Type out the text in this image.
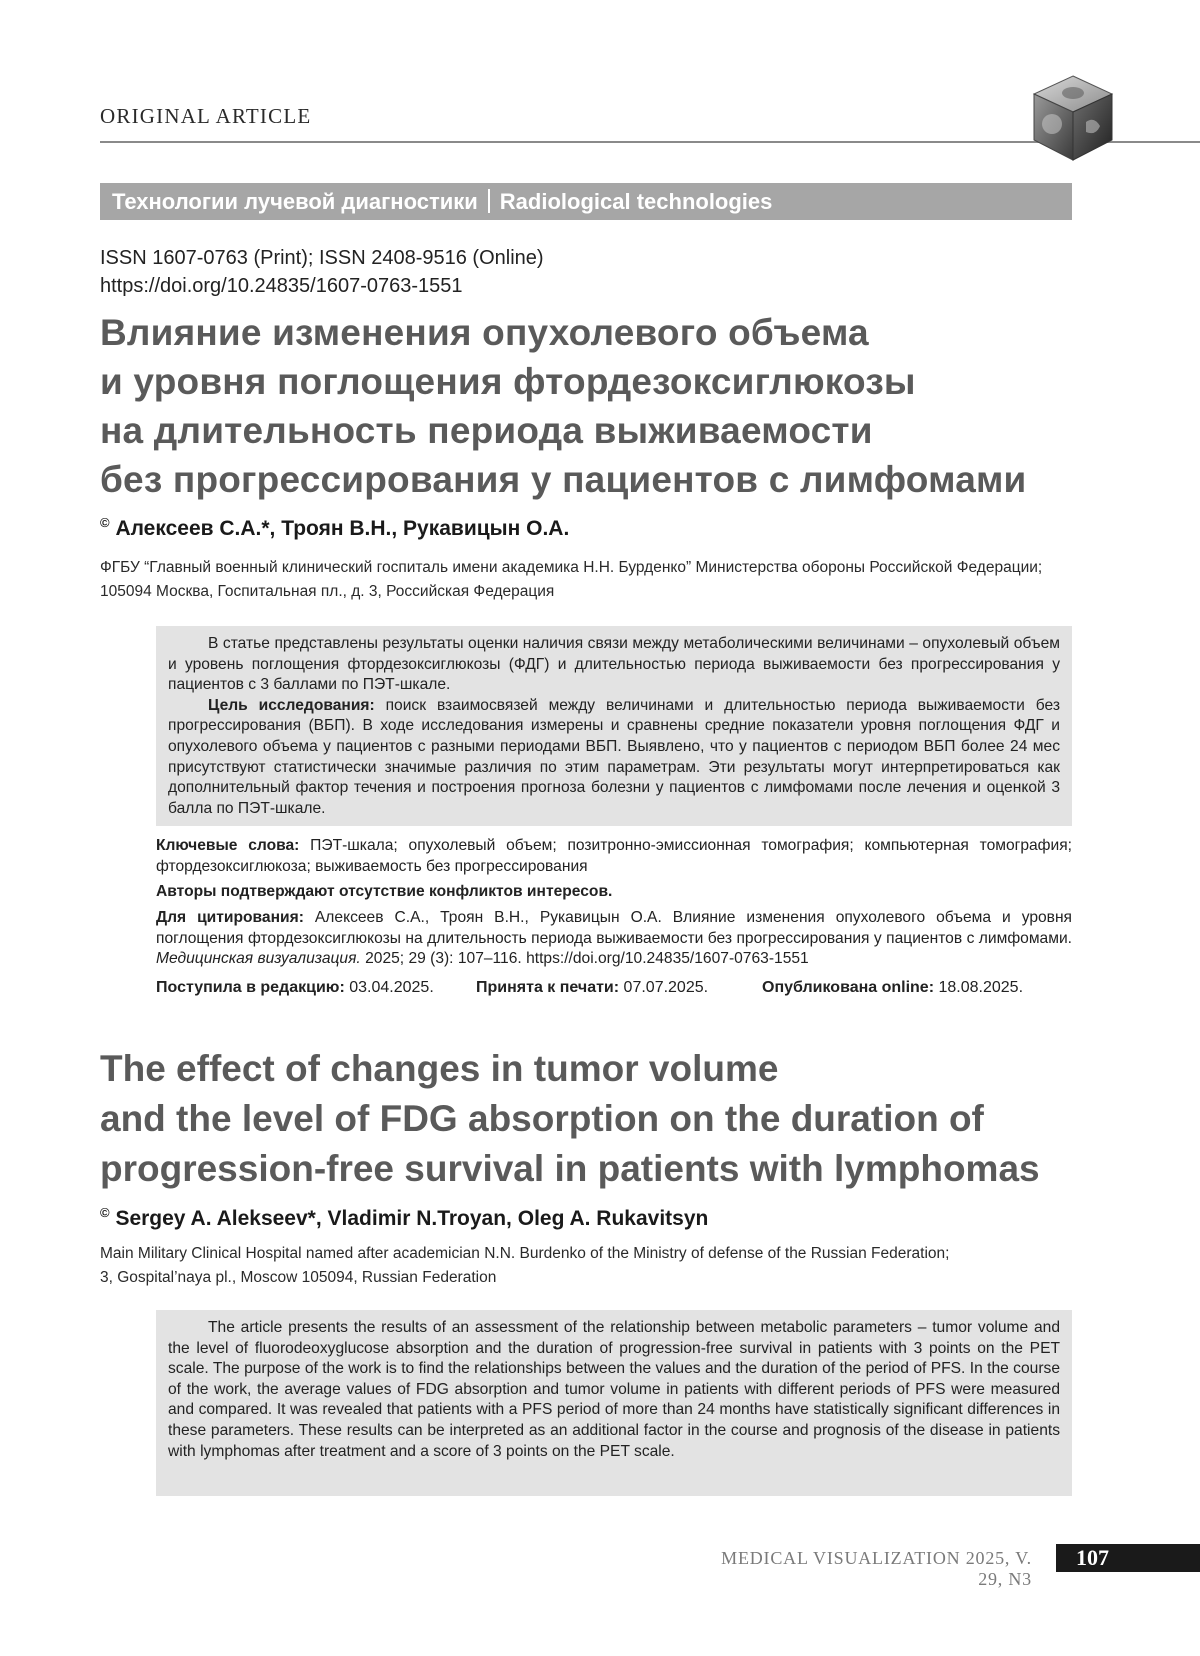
ORIGINAL ARTICLE
Технологии лучевой диагностики Radiological technologies
ISSN 1607-0763 (Print); ISSN 2408-9516 (Online)
https://doi.org/10.24835/1607-0763-1551
Влияние изменения опухолевого объема
и уровня поглощения фтордезоксиглюкозы
на длительность периода выживаемости
без прогрессирования у пациентов с лимфомами
© Алексеев С.А.*, Троян В.Н., Рукавицын О.А.
ФГБУ “Главный военный клинический госпиталь имени академика Н.Н. Бурденко” Министерства обороны Российской Федерации; 105094 Москва, Госпитальная пл., д. 3, Российская Федерация

В статье представлены результаты оценки наличия связи между метаболическими величинами – опухолевый объем и уровень поглощения фтордезоксиглюкозы (ФДГ) и длительностью периода выживаемости без прогрессирования у пациентов с 3 баллами по ПЭТ-шкале.

Цель исследования: поиск взаимосвязей между величинами и длительностью периода выживаемости без прогрессирования (ВБП). В ходе исследования измерены и сравнены средние показатели уровня поглощения ФДГ и опухолевого объема у пациентов с разными периодами ВБП. Выявлено, что у пациентов с периодом ВБП более 24 мес присутствуют статистически значимые различия по этим параметрам. Эти результаты могут интерпретироваться как дополнительный фактор течения и построения прогноза болезни у пациентов с лимфомами после лечения и оценкой 3 балла по ПЭТ-шкале.

Ключевые слова: ПЭТ-шкала; опухолевый объем; позитронно-эмиссионная томография; компьютерная томография; фтордезоксиглюкоза; выживаемость без прогрессирования
Авторы подтверждают отсутствие конфликтов интересов.
Для цитирования: Алексеев С.А., Троян В.Н., Рукавицын О.А. Влияние изменения опухолевого объема и уровня поглощения фтордезоксиглюкозы на длительность периода выживаемости без прогрессирования у пациентов с лимфомами. Медицинская визуализация. 2025; 29 (3): 107–116. https://doi.org/10.24835/1607-0763-1551
Поступила в редакцию: 03.04.2025.	Принята к печати: 07.07.2025.	Опубликована online: 18.08.2025.
The effect of changes in tumor volume
and the level of FDG absorption on the duration of
progression-free survival in patients with lymphomas
© Sergey A. Alekseev*, Vladimir N.Troyan, Oleg A. Rukavitsyn
Main Military Clinical Hospital named after academician N.N. Burdenko of the Ministry of defense of the Russian Federation;
3, Gospital’naya pl., Moscow 105094, Russian Federation

The article presents the results of an assessment of the relationship between metabolic parameters – tumor volume and the level of fluorodeoxyglucose absorption and the duration of progression-free survival in patients with 3 points on the PET scale. The purpose of the work is to find the relationships between the values and the duration of the period of PFS. In the course of the work, the average values of FDG absorption and tumor volume in patients with different periods of PFS were measured and compared. It was revealed that patients with a PFS period of more than 24 months have statistically significant differences in these parameters. These results can be interpreted as an additional factor in the course and prognosis of the disease in patients with lymphomas after treatment and a score of 3 points on the PET scale.

MEDICAL VISUALIZATION 2025, V. 29, N3
107
